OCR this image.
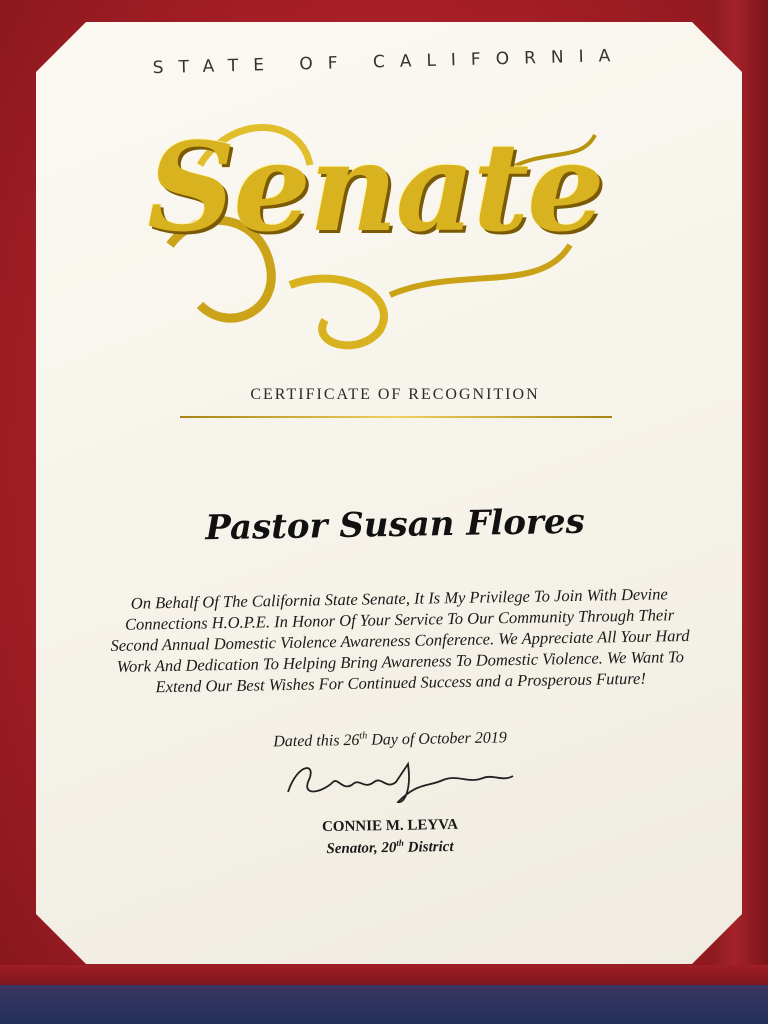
STATE OF CALIFORNIA
Senate
CERTIFICATE OF RECOGNITION
Pastor Susan Flores
On Behalf Of The California State Senate, It Is My Privilege To Join With Devine Connections H.O.P.E. In Honor Of Your Service To Our Community Through Their Second Annual Domestic Violence Awareness Conference. We Appreciate All Your Hard Work And Dedication To Helping Bring Awareness To Domestic Violence. We Want To Extend Our Best Wishes For Continued Success and a Prosperous Future!
Dated this 26th Day of October 2019
CONNIE M. LEYVA
Senator, 20th District
